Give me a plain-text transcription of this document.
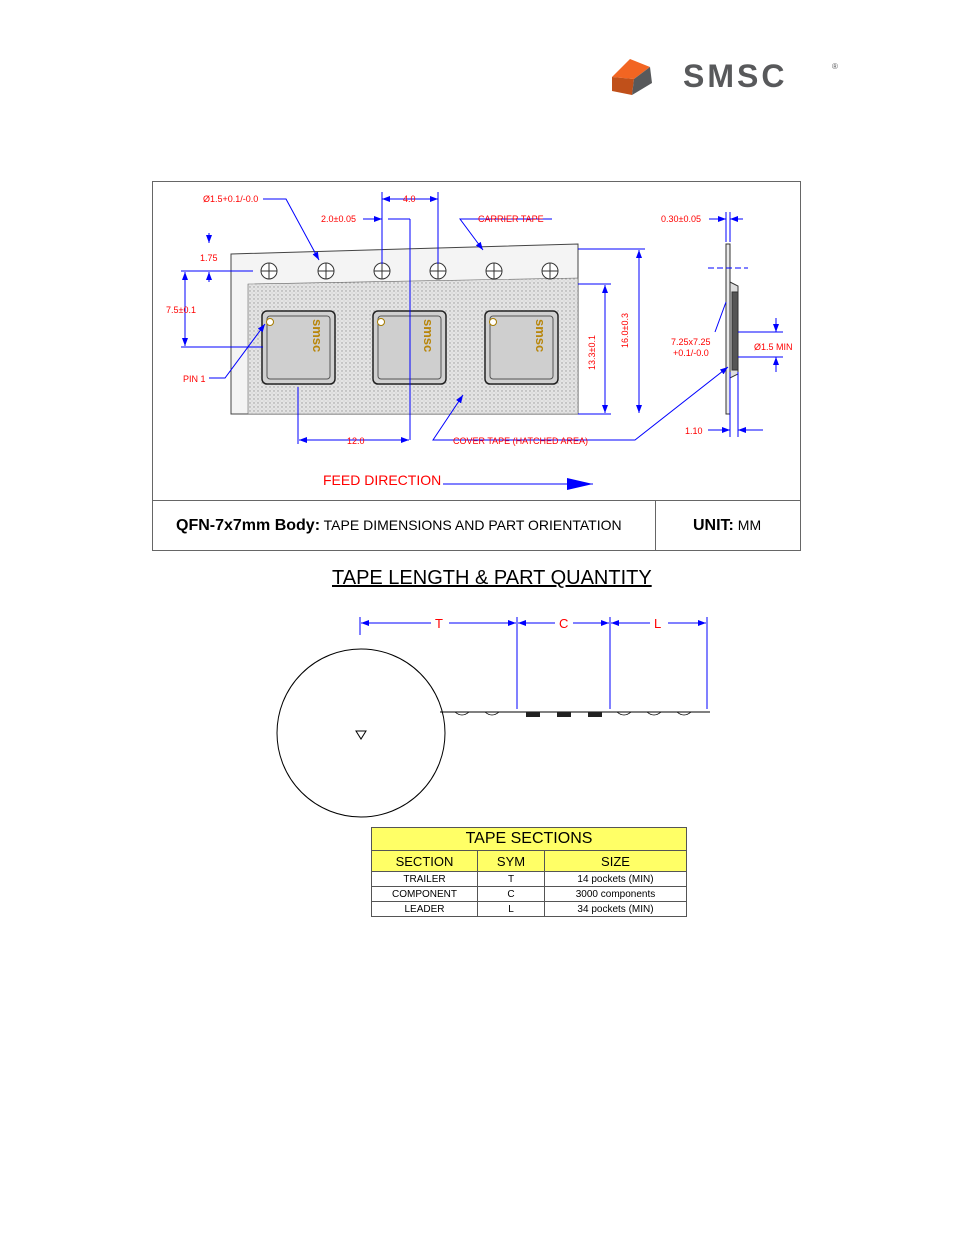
SMSC	®
smsc	smsc	smsc
Ø1.5+0.1/-0.0	4.0
2.0±0.05	CARRIER TAPE	0.30±0.05
1.75
7.5±0.1
PIN 1
13.3±0.1
16.0±0.3	7.25x7.25
+0.1/-0.0
Ø1.5 MIN
12.0	COVER TAPE (HATCHED AREA)
1.10
FEED DIRECTION
QFN-7x7mm Body: TAPE DIMENSIONS AND PART ORIENTATION	UNIT: MM
TAPE LENGTH & PART QUANTITY
T	C	L
TAPE SECTIONS		
SECTION	SYM	SIZE
TRAILER	T	14 pockets (MIN)
COMPONENT	C	3000 components
LEADER	L	34 pockets (MIN)
